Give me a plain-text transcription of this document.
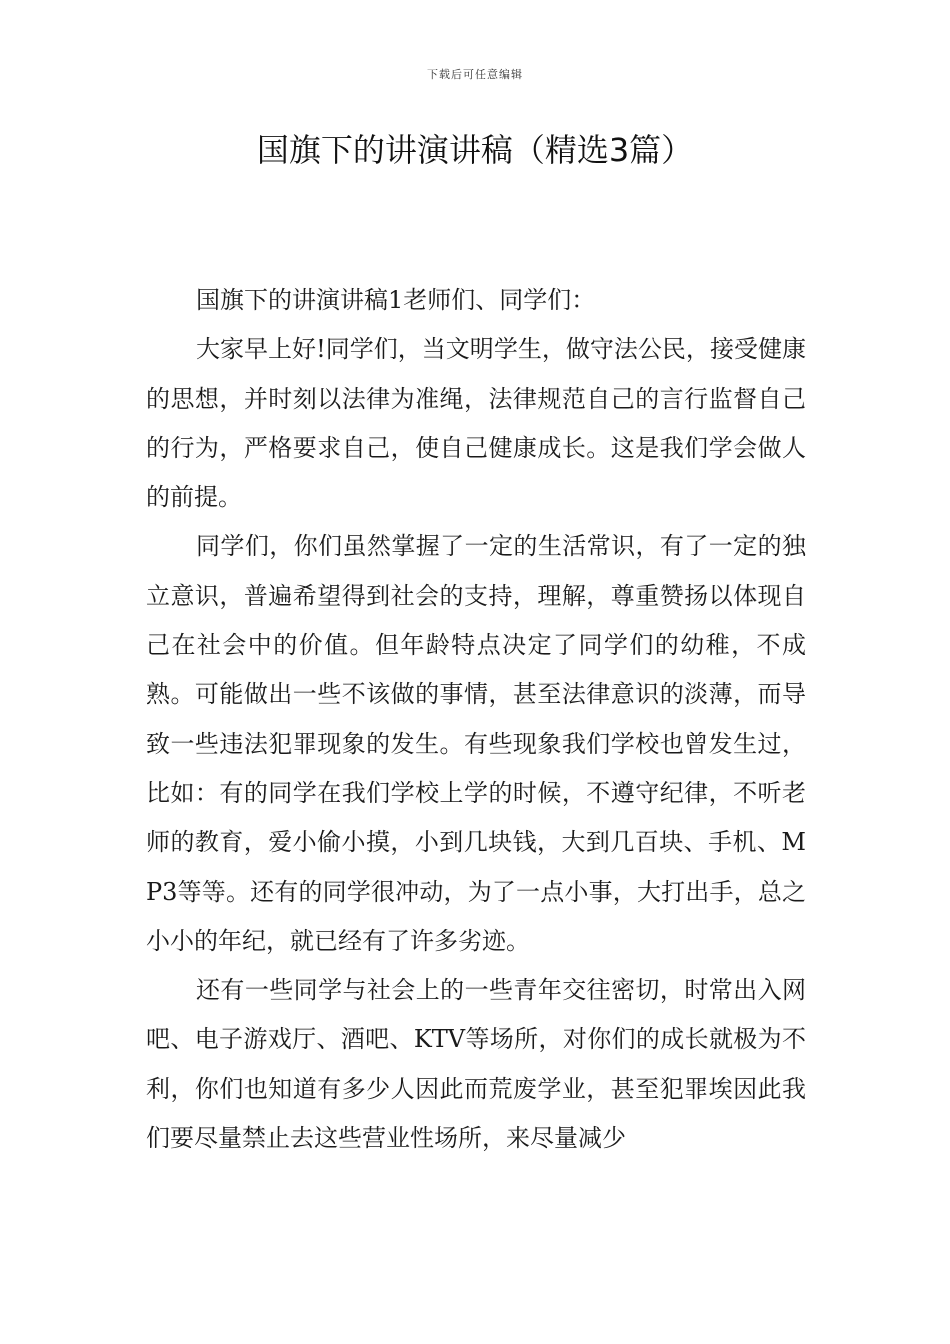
下载后可任意编辑
国旗下的讲演讲稿（精选3篇）

国旗下的讲演讲稿1老师们、同学们：

大家早上好!同学们，当文明学生，做守法公民，接受健康的思想，并时刻以法律为准绳，法律规范自己的言行监督自己的行为，严格要求自己，使自己健康成长。这是我们学会做人的前提。

同学们，你们虽然掌握了一定的生活常识，有了一定的独立意识，普遍希望得到社会的支持，理解，尊重赞扬以体现自己在社会中的价值。但年龄特点决定了同学们的幼稚，不成熟。可能做出一些不该做的事情，甚至法律意识的淡薄，而导致一些违法犯罪现象的发生。有些现象我们学校也曾发生过，比如：有的同学在我们学校上学的时候，不遵守纪律，不听老师的教育，爱小偷小摸，小到几块钱，大到几百块、手机、MP3等等。还有的同学很冲动，为了一点小事，大打出手，总之小小的年纪，就已经有了许多劣迹。

还有一些同学与社会上的一些青年交往密切，时常出入网吧、电子游戏厅、酒吧、KTV等场所，对你们的成长就极为不利，你们也知道有多少人因此而荒废学业，甚至犯罪埃因此我们要尽量禁止去这些营业性场所，来尽量减少
